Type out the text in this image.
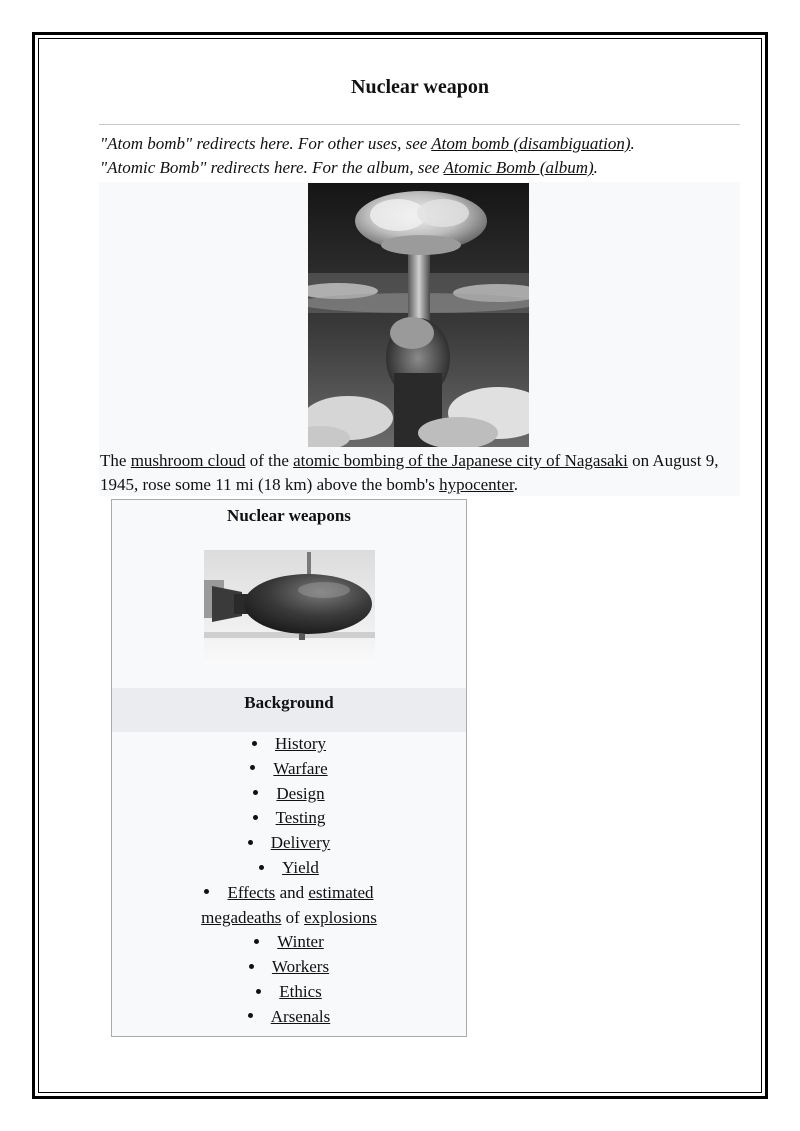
Nuclear weapon
"Atom bomb" redirects here. For other uses, see Atom bomb (disambiguation).
"Atomic Bomb" redirects here. For the album, see Atomic Bomb (album).
The mushroom cloud of the atomic bombing of the Japanese city of Nagasaki on August 9, 1945, rose some 11 mi (18 km) above the bomb's hypocenter.
Nuclear weapons
Background
History
Warfare
Design
Testing
Delivery
Yield
Effects and estimated
megadeaths of explosions
Winter
Workers
Ethics
Arsenals
